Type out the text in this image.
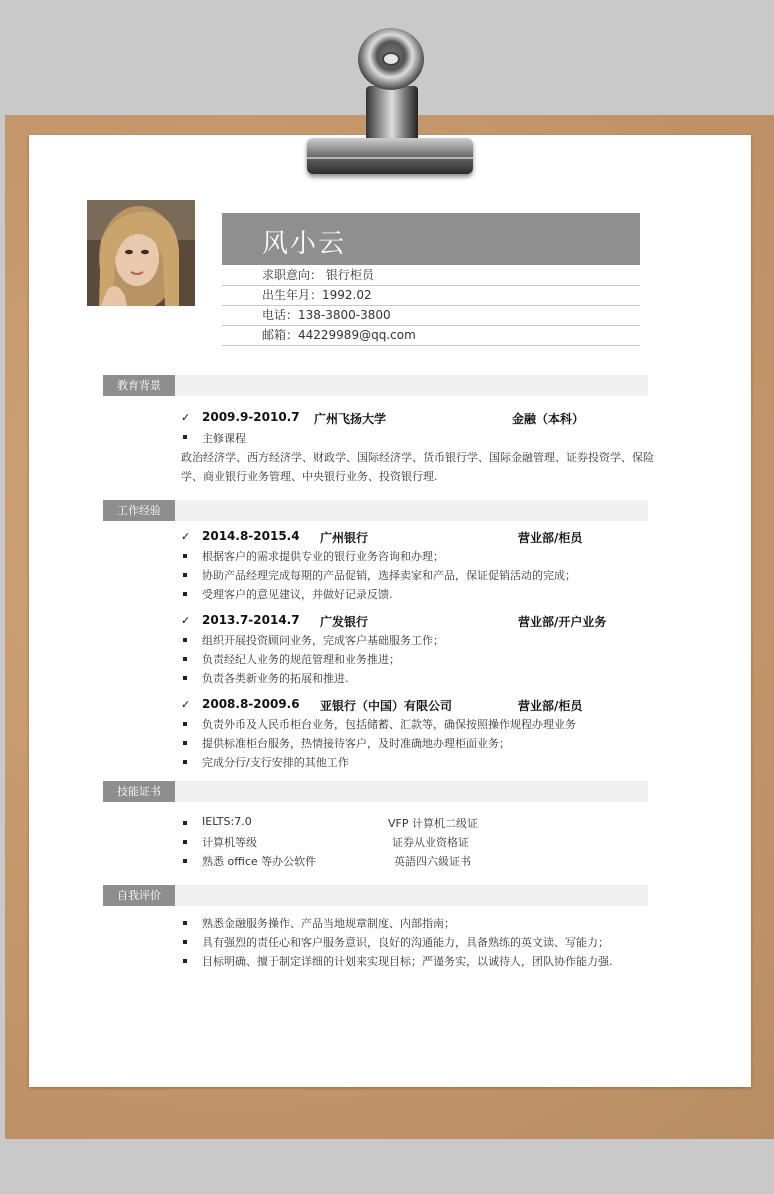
风小云
求职意向： 银行柜员
出生年月：1992.02
电话：138-3800-3800
邮箱：44229989@qq.com
教育背景
✓ 2009.9-2010.7 广州飞扬大学	金融（本科）
主修课程
政治经济学、西方经济学、财政学、国际经济学、货币银行学、国际金融管理、证券投资学、保险
学、商业银行业务管理、中央银行业务、投资银行理.
工作经验
✓ 2014.8-2015.4 广州银行	营业部/柜员
根据客户的需求提供专业的银行业务咨询和办理；
协助产品经理完成每期的产品促销，选择卖家和产品，保证促销活动的完成；
受理客户的意见建议，并做好记录反馈.
✓ 2013.7-2014.7 广发银行	营业部/开户业务
组织开展投资顾问业务，完成客户基础服务工作；
负责经纪人业务的规范管理和业务推进；
负责各类新业务的拓展和推进.
✓ 2008.8-2009.6 亚银行（中国）有限公司	营业部/柜员
负责外币及人民币柜台业务，包括储蓄、汇款等，确保按照操作规程办理业务
提供标准柜台服务，热情接待客户，及时准确地办理柜面业务；
完成分行/支行安排的其他工作
技能证书
IELTS:7.0	VFP 计算机二级证
计算机等级	证券从业资格证
熟悉 office 等办公软件	英語四六級证书
自我评价
熟悉金融服务操作、产品当地规章制度、内部指南；
具有强烈的责任心和客户服务意识，良好的沟通能力，具备熟练的英文读、写能力；
目标明确、擅于制定详细的计划来实现目标；严谨务实，以诚待人，团队协作能力强.
